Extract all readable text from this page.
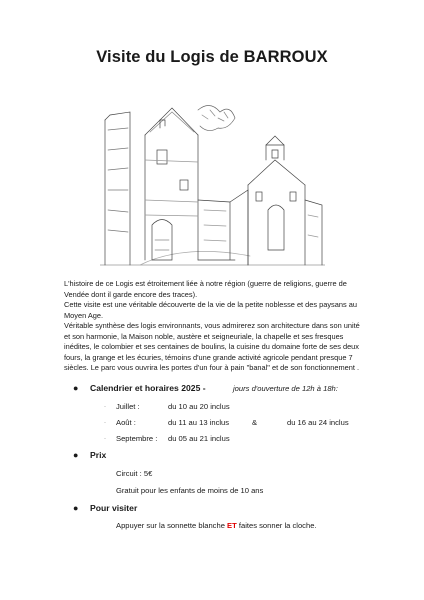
Visite du Logis de BARROUX

L'histoire de ce Logis est étroitement liée à notre région (guerre de religions, guerre de Vendée dont il garde encore des traces).

Cette visite est une véritable découverte de la vie de la petite noblesse et des paysans au Moyen Age.

Véritable synthèse des logis environnants, vous admirerez son architecture dans son unité et son harmonie, la Maison noble, austère et seigneuriale, la chapelle et ses fresques inédites, le colombier et ses centaines de boulins, la cuisine du domaine forte de ses deux fours, la grange et les écuries, témoins d'une grande activité agricole pendant presque 7 siècles. Le parc vous ouvrira les portes d'un four à pain "banal" et de son fonctionnement .

●	Calendrier et horaires 2025 -	jours d'ouverture de 12h à 18h:
· Juillet :	du 10 au 20 inclus
· Août :	du 11 au 13 inclus	&	du 16 au 24 inclus
· Septembre : du 05 au 21 inclus
●	Prix
Circuit : 5€
Gratuit pour les enfants de moins de 10 ans
●	Pour visiter
Appuyer sur la sonnette blanche ET faites sonner la cloche.
